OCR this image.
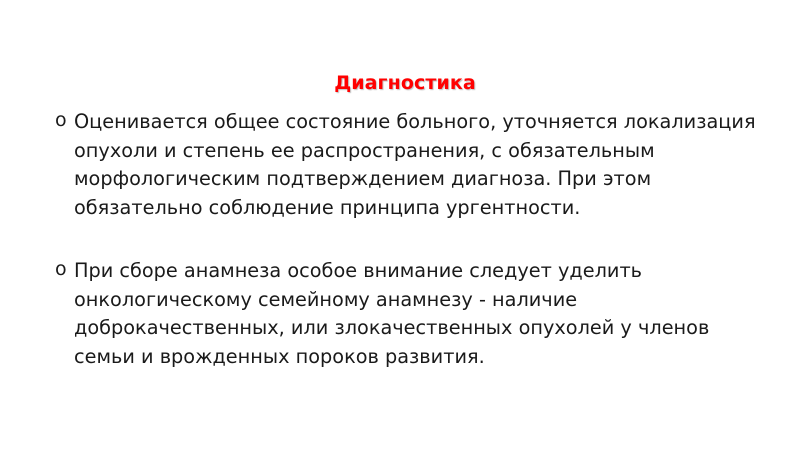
Диагностика
o Оценивается общее состояние больного, уточняется локализация опухоли и степень ее распространения, с обязательным морфологическим подтверждением диагноза. При этом обязательно соблюдение принципа ургентности.
o При сборе анамнеза особое внимание следует уделить онкологическому семейному анамнезу - наличие доброкачественных, или злокачественных опухолей у членов семьи и врожденных пороков развития.
